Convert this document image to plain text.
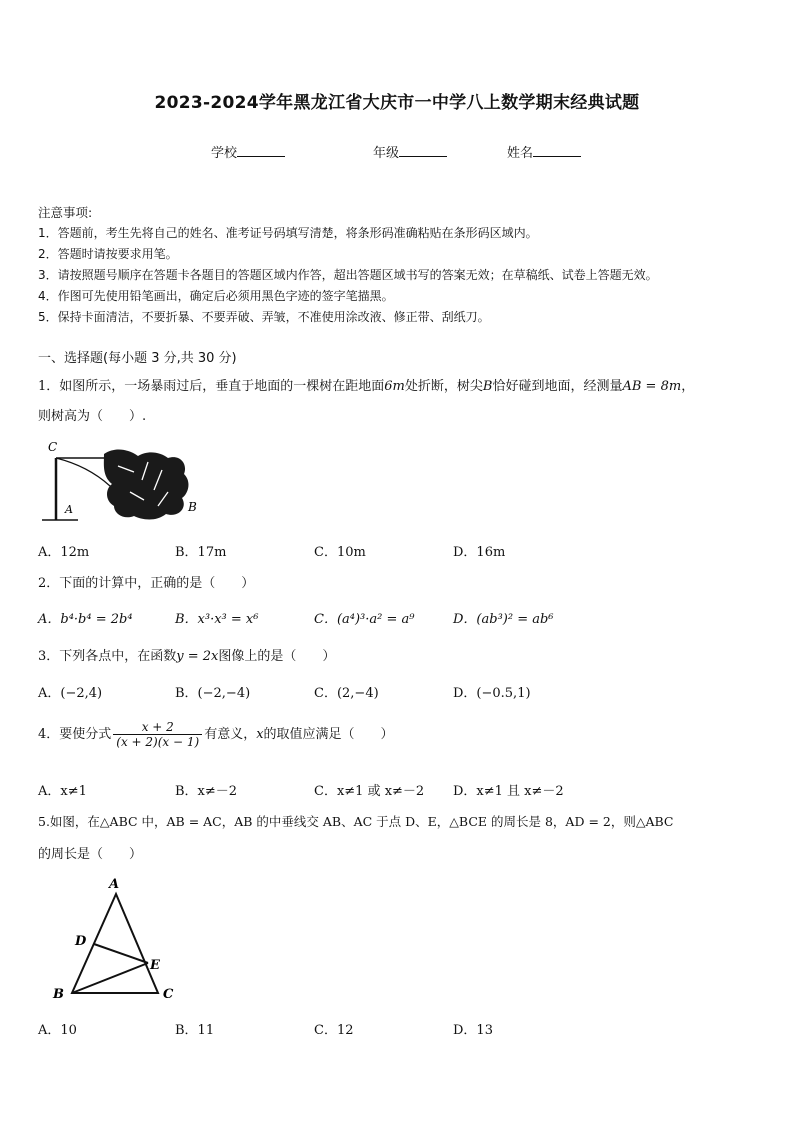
2023-2024学年黑龙江省大庆市一中学八上数学期末经典试题
学校	年级	姓名
注意事项:
1．答题前，考生先将自己的姓名、准考证号码填写清楚，将条形码准确粘贴在条形码区域内。
2．答题时请按要求用笔。
3．请按照题号顺序在答题卡各题目的答题区域内作答，超出答题区域书写的答案无效；在草稿纸、试卷上答题无效。
4．作图可先使用铅笔画出，确定后必须用黑色字迹的签字笔描黑。
5．保持卡面清洁，不要折暴、不要弄破、弄皱，不准使用涂改液、修正带、刮纸刀。
一、选择题(每小题 3 分,共 30 分)
1．如图所示，一场暴雨过后，垂直于地面的一棵树在距地面6m处折断，树尖B恰好碰到地面，经测量AB = 8m，
则树高为（　　）.
C
A	B
A．12m	B．17m	C．10m	D．16m
2．下面的计算中，正确的是（　　）
A．b⁴·b⁴ = 2b⁴	B．x³·x³ = x⁶	C．(a⁴)³·a² = a⁹	D．(ab³)² = ab⁶
3．下列各点中，在函数y = 2x图像上的是（　　）
A．(−2,4)	B．(−2,−4)	C．(2,−4)	D．(−0.5,1)
4．要使分式 $\frac{x + 2}{(x + 2)(x - 1)}$ 有意义，x的取值应满足（　　）
A．x≠1	B．x≠－2	C．x≠1 或 x≠－2 D．x≠1 且 x≠－2
5.如图，在△ABC 中，AB = AC，AB 的中垂线交 AB、AC 于点 D、E，△BCE 的周长是 8，AD = 2，则△ABC
的周长是（　　）
A
D
E
B	C
A．10	B．11	C．12	D．13
